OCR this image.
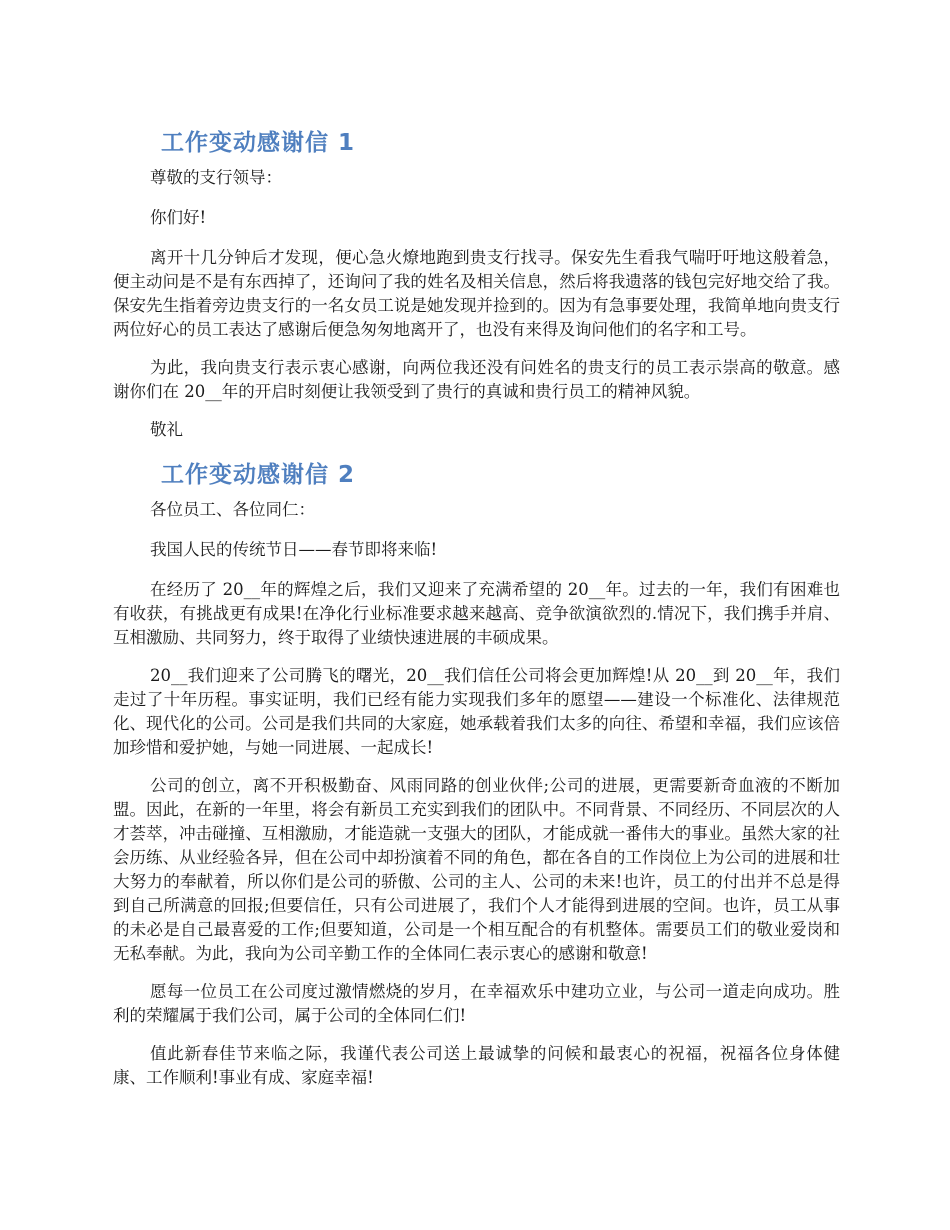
工作变动感谢信 1

尊敬的支行领导：

你们好!

离开十几分钟后才发现，便心急火燎地跑到贵支行找寻。保安先生看我气喘吁吁地这般着急，便主动问是不是有东西掉了，还询问了我的姓名及相关信息，然后将我遗落的钱包完好地交给了我。保安先生指着旁边贵支行的一名女员工说是她发现并捡到的。因为有急事要处理，我简单地向贵支行两位好心的员工表达了感谢后便急匆匆地离开了，也没有来得及询问他们的名字和工号。

为此，我向贵支行表示衷心感谢，向两位我还没有问姓名的贵支行的员工表示崇高的敬意。感谢你们在 20__年的开启时刻便让我领受到了贵行的真诚和贵行员工的精神风貌。

敬礼

工作变动感谢信 2

各位员工、各位同仁：

我国人民的传统节日——春节即将来临!

在经历了 20__年的辉煌之后，我们又迎来了充满希望的 20__年。过去的一年，我们有困难也有收获，有挑战更有成果!在净化行业标准要求越来越高、竞争欲演欲烈的.情况下，我们携手并肩、互相激励、共同努力，终于取得了业绩快速进展的丰硕成果。

20__我们迎来了公司腾飞的曙光，20__我们信任公司将会更加辉煌!从 20__到 20__年，我们走过了十年历程。事实证明，我们已经有能力实现我们多年的愿望——建设一个标准化、法律规范化、现代化的公司。公司是我们共同的大家庭，她承载着我们太多的向往、希望和幸福，我们应该倍加珍惜和爱护她，与她一同进展、一起成长!

公司的创立，离不开积极勤奋、风雨同路的创业伙伴;公司的进展，更需要新奇血液的不断加盟。因此，在新的一年里，将会有新员工充实到我们的团队中。不同背景、不同经历、不同层次的人才荟萃，冲击碰撞、互相激励，才能造就一支强大的团队，才能成就一番伟大的事业。虽然大家的社会历练、从业经验各异，但在公司中却扮演着不同的角色，都在各自的工作岗位上为公司的进展和壮大努力的奉献着，所以你们是公司的骄傲、公司的主人、公司的未来!也许，员工的付出并不总是得到自己所满意的回报;但要信任，只有公司进展了，我们个人才能得到进展的空间。也许，员工从事的未必是自己最喜爱的工作;但要知道，公司是一个相互配合的有机整体。需要员工们的敬业爱岗和无私奉献。为此，我向为公司辛勤工作的全体同仁表示衷心的感谢和敬意!

愿每一位员工在公司度过激情燃烧的岁月，在幸福欢乐中建功立业，与公司一道走向成功。胜利的荣耀属于我们公司，属于公司的全体同仁们!

值此新春佳节来临之际，我谨代表公司送上最诚挚的问候和最衷心的祝福，祝福各位身体健康、工作顺利!事业有成、家庭幸福!
